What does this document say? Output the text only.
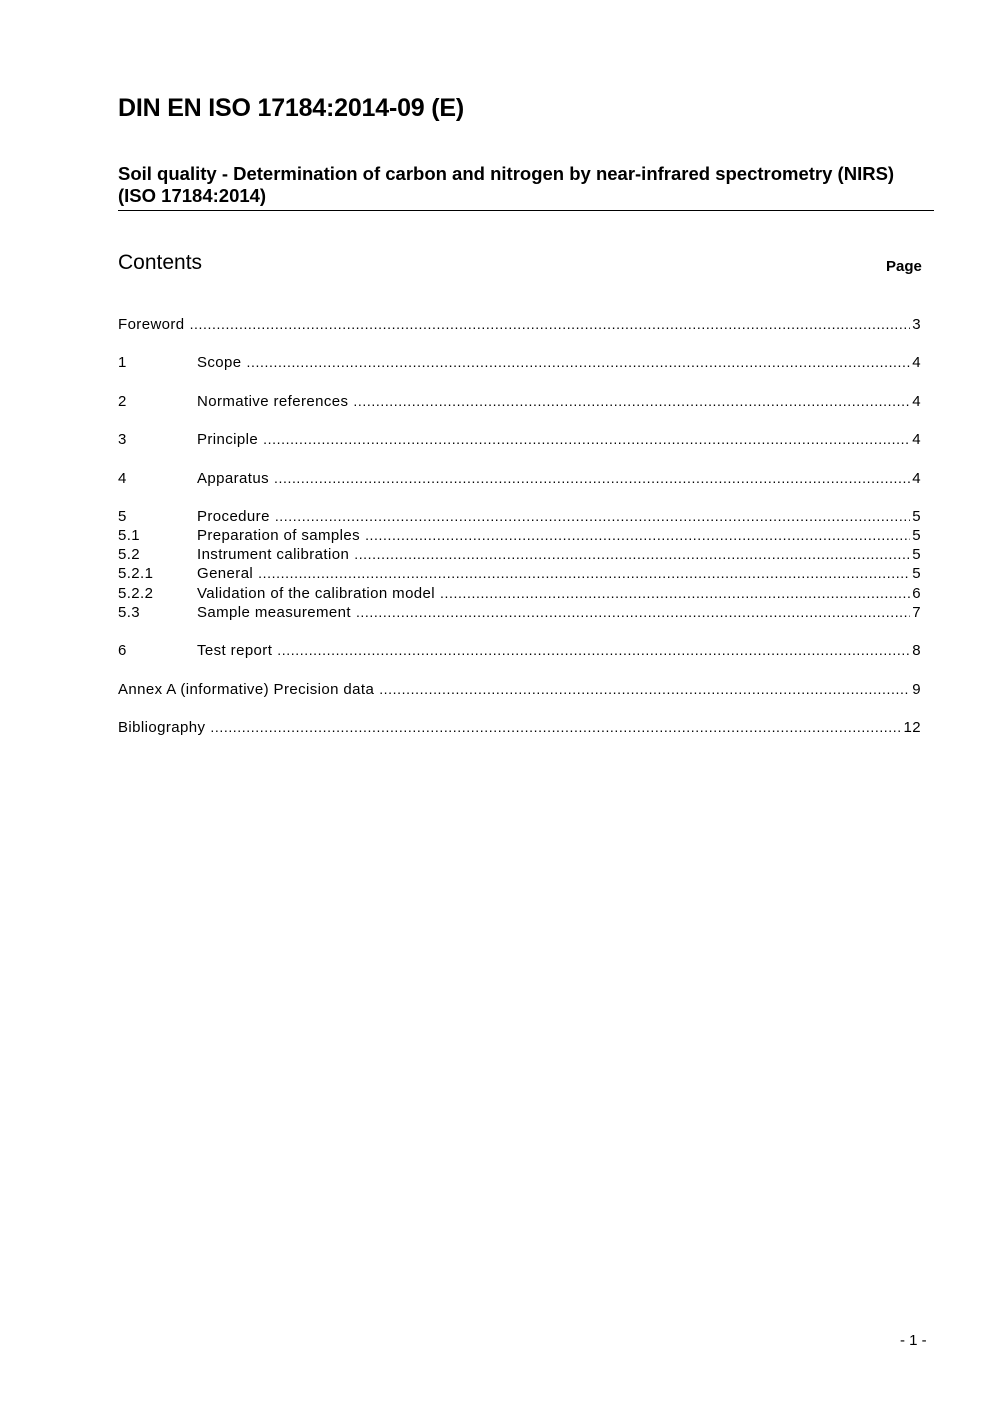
DIN EN ISO 17184:2014-09 (E)
Soil quality - Determination of carbon and nitrogen by near-infrared spectrometry (NIRS) (ISO 17184:2014)
Contents	Page
Foreword .....	3
1	Scope .....	4
2	Normative references .....	4
3	Principle .....	4
4	Apparatus .....	4
5	Procedure .....	5
5.1	Preparation of samples .....	5
5.2	Instrument calibration .....	5
5.2.1	General .....	5
5.2.2	Validation of the calibration model .....	6
5.3	Sample measurement .....	7
6	Test report .....	8
Annex A (informative) Precision data .....	9
Bibliography .....	12
- 1 -
